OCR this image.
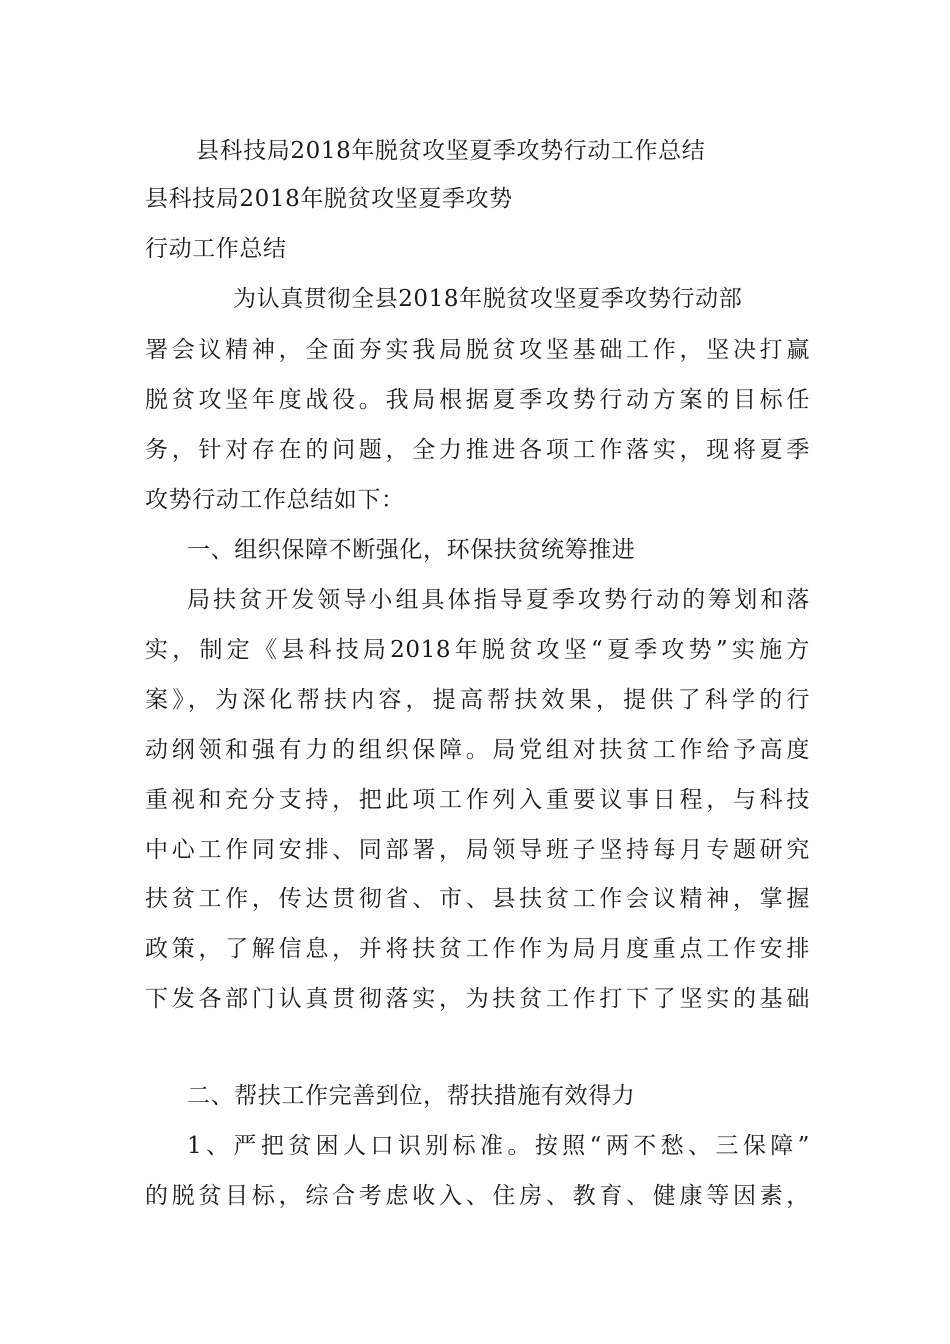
县科技局2018年脱贫攻坚夏季攻势行动工作总结
县科技局2018年脱贫攻坚夏季攻势
行动工作总结
为认真贯彻全县2018年脱贫攻坚夏季攻势行动部
署会议精神，全面夯实我局脱贫攻坚基础工作，坚决打赢
脱贫攻坚年度战役。我局根据夏季攻势行动方案的目标任
务，针对存在的问题，全力推进各项工作落实，现将夏季
攻势行动工作总结如下：
一、组织保障不断强化，环保扶贫统筹推进
局扶贫开发领导小组具体指导夏季攻势行动的筹划和落
实，制定《县科技局2018年脱贫攻坚“夏季攻势”实施方
案》，为深化帮扶内容，提高帮扶效果，提供了科学的行
动纲领和强有力的组织保障。局党组对扶贫工作给予高度
重视和充分支持，把此项工作列入重要议事日程，与科技
中心工作同安排、同部署，局领导班子坚持每月专题研究
扶贫工作，传达贯彻省、市、县扶贫工作会议精神，掌握
政策，了解信息，并将扶贫工作作为局月度重点工作安排
下发各部门认真贯彻落实，为扶贫工作打下了坚实的基础
二、帮扶工作完善到位，帮扶措施有效得力
1、严把贫困人口识别标准。按照“两不愁、三保障”
的脱贫目标，综合考虑收入、住房、教育、健康等因素，
